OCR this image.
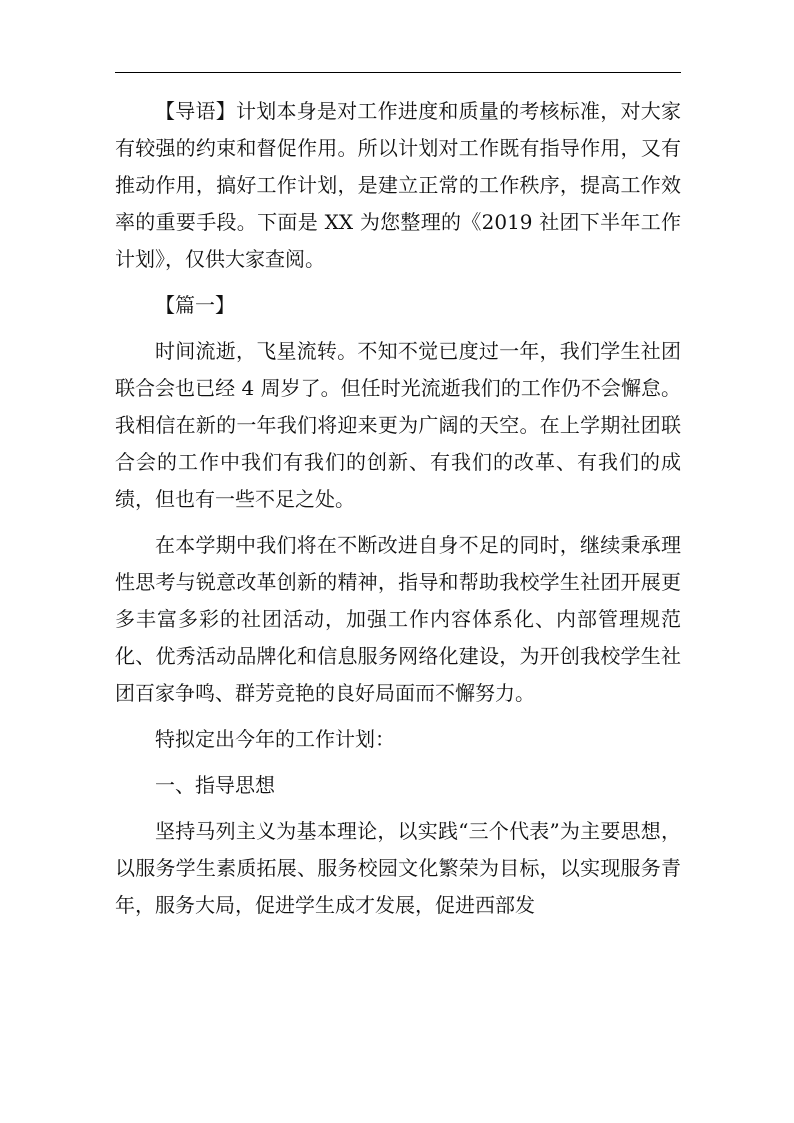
【导语】计划本身是对工作进度和质量的考核标准，对大家有较强的约束和督促作用。所以计划对工作既有指导作用，又有推动作用，搞好工作计划，是建立正常的工作秩序，提高工作效率的重要手段。下面是 XX 为您整理的《2019 社团下半年工作计划》，仅供大家查阅。

【篇一】

时间流逝，飞星流转。不知不觉已度过一年，我们学生社团联合会也已经 4 周岁了。但任时光流逝我们的工作仍不会懈怠。我相信在新的一年我们将迎来更为广阔的天空。在上学期社团联合会的工作中我们有我们的创新、有我们的改革、有我们的成绩，但也有一些不足之处。

在本学期中我们将在不断改进自身不足的同时，继续秉承理性思考与锐意改革创新的精神，指导和帮助我校学生社团开展更多丰富多彩的社团活动，加强工作内容体系化、内部管理规范化、优秀活动品牌化和信息服务网络化建设，为开创我校学生社团百家争鸣、群芳竞艳的良好局面而不懈努力。

特拟定出今年的工作计划：

一、指导思想

坚持马列主义为基本理论，以实践“三个代表”为主要思想，以服务学生素质拓展、服务校园文化繁荣为目标，以实现服务青年，服务大局，促进学生成才发展，促进西部发
